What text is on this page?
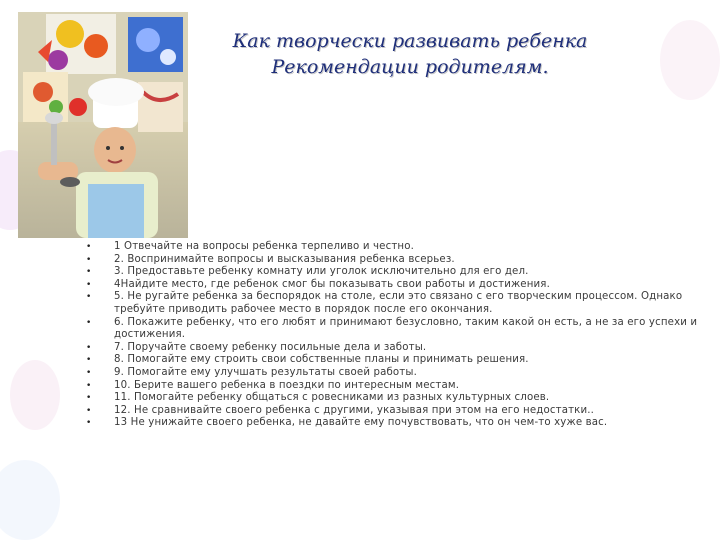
Как творчески развивать ребенка
Рекомендации родителям.
• 1 Отвечайте на вопросы ребенка терпеливо и честно.
• 2. Воспринимайте вопросы и высказывания ребенка всерьез.
• 3. Предоставьте ребенку комнату или уголок исключительно для его дел.
• 4Найдите место, где ребенок смог бы показывать свои работы и достижения.
• 5. Не ругайте ребенка за беспорядок на столе, если это связано с его творческим процессом. Однако требуйте приводить рабочее место в порядок после его окончания.
• 6. Покажите ребенку, что его любят и принимают безусловно, таким какой он есть, а не за его успехи и достижения.
• 7. Поручайте своему ребенку посильные дела и заботы.
• 8. Помогайте ему строить свои собственные планы и принимать решения.
• 9. Помогайте ему улучшать результаты своей работы.
• 10. Берите вашего ребенка в поездки по интересным местам.
• 11. Помогайте ребенку общаться с ровесниками из разных культурных слоев.
• 12. Не сравнивайте своего ребенка с другими, указывая при этом на его недостатки..
• 13 Не унижайте своего ребенка, не давайте ему почувствовать, что он чем-то хуже вас.
